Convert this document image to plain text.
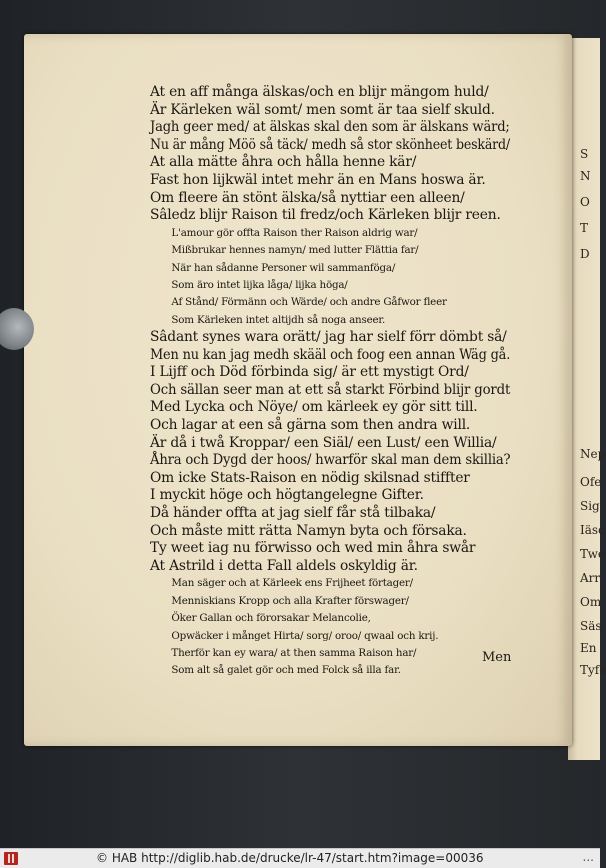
S
N
O
T
D
Nep
Ofe
Sig
Iäsc
Twe
Arr
Om
Säs
En
Tyfo
At en aff många älskas/och en blijr mängom huld/
Är Kärleken wäl somt/ men somt är taa sielf skuld.
Jagh geer med/ at älskas skal den som är älskans wärd;
Nu är mång Möö så täck/ medh så stor skönheet beskärd/
At alla mätte åhra och hålla henne kär/
Fast hon lijkwäl intet mehr än en Mans hoswa är.
Om fleere än stönt älska/så nyttiar een alleen/
Sâledz blijr Raison til fredz/och Kärleken blijr reen.
L'amour gör offta Raison ther Raison aldrig war/
Mißbrukar hennes namyn/ med lutter Flättia far/
När han sådanne Personer wil sammanföga/
Som äro intet lijka låga/ lijka höga/
Af Stånd/ Förmänn och Wärde/ och andre Gåfwor fleer
Som Kärleken intet altijdh så noga anseer.
Sâdant synes wara orätt/ jag har sielf förr dömbt så/
Men nu kan jag medh skääl och foog een annan Wäg gå.
I Lijff och Död förbinda sig/ är ett mystigt Ord/
Och sällan seer man at ett så starkt Förbind blijr gordt
Med Lycka och Nöye/ om kärleek ey gör sitt till.
Och lagar at een så gärna som then andra will.
Är då i twå Kroppar/ een Siäl/ een Lust/ een Willia/
Åhra och Dygd der hoos/ hwarför skal man dem skillia?
Om icke Stats-Raison en nödig skilsnad stiffter
I myckit höge och högtangelegne Gifter.
Då händer offta at jag sielf får stå tilbaka/
Och måste mitt rätta Namyn byta och försaka.
Ty weet iag nu förwisso och wed min åhra swår
At Astrild i detta Fall aldels oskyldig är.
Man säger och at Kärleek ens Frijheet förtager/
Menniskians Kropp och alla Krafter förswager/
Öker Gallan och förorsakar Melancolie,
Opwäcker i månget Hirta/ sorg/ oroo/ qwaal och krij.
Therför kan ey wara/ at then samma Raison har/
Som alt så galet gör och med Folck så illa far.
Men
© HAB http://diglib.hab.de/drucke/lr-47/start.htm?image=00036	...
